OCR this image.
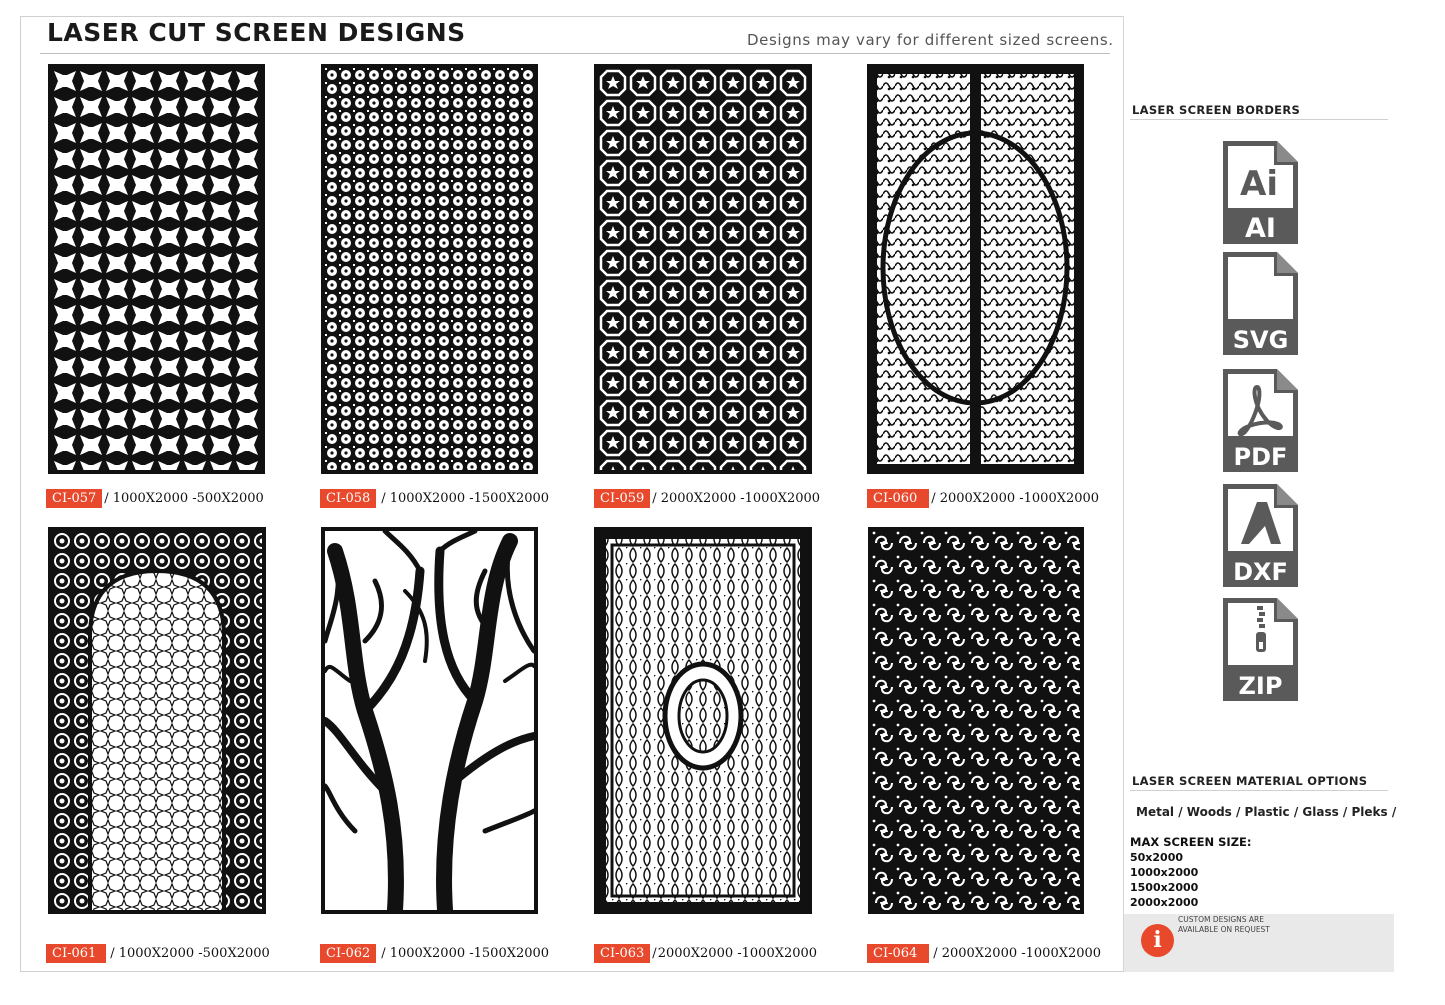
LASER CUT SCREEN DESIGNS	Designs may vary for different sized screens.
CI-057 / 1000X2000 -500X2000	CI-058 / 1000X2000 -1500X2000	CI-059 / 2000X2000 -1000X2000	CI-060	/ 2000X2000 -1000X2000
CI-061	/ 1000X2000 -500X2000	CI-062 / 1000X2000 -1500X2000	CI-063 / 2000X2000 -1000X2000	CI-064	/ 2000X2000 -1000X2000
LASER SCREEN BORDERS
Ai
AI
SVG
PDF
DXF
ZIP
LASER SCREEN MATERIAL OPTIONS
Metal / Woods / Plastic / Glass / Pleks /
MAX SCREEN SIZE:
50x2000
1000x2000
1500x2000
2000x2000
i
CUSTOM DESIGNS ARE AVAILABLE ON REQUEST
